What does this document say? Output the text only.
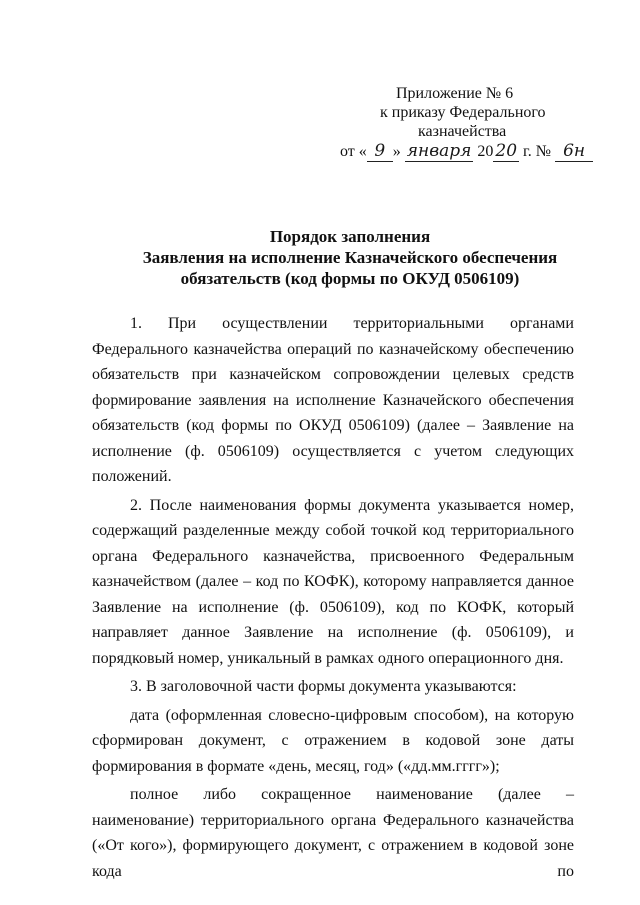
Приложение № 6
к приказу Федерального
казначейства
от « 9 » января 20 20 г. № 6н
Порядок заполнения
Заявления на исполнение Казначейского обеспечения
обязательств (код формы по ОКУД 0506109)

1. При осуществлении территориальными органами Федерального казначейства операций по казначейскому обеспечению обязательств при казначейском сопровождении целевых средств формирование заявления на исполнение Казначейского обеспечения обязательств (код формы по ОКУД 0506109) (далее – Заявление на исполнение (ф. 0506109) осуществляется с учетом следующих положений.

2. После наименования формы документа указывается номер, содержащий разделенные между собой точкой код территориального органа Федерального казначейства, присвоенного Федеральным казначейством (далее – код по КОФК), которому направляется данное Заявление на исполнение (ф. 0506109), код по КОФК, который направляет данное Заявление на исполнение (ф. 0506109), и порядковый номер, уникальный в рамках одного операционного дня.

3. В заголовочной части формы документа указываются:

дата (оформленная словесно-цифровым способом), на которую сформирован документ, с отражением в кодовой зоне даты формирования в формате «день, месяц, год» («дд.мм.гггг»);

полное либо сокращенное наименование (далее – наименование) территориального органа Федерального казначейства («От кого»), формирующего документ, с отражением в кодовой зоне кода по
